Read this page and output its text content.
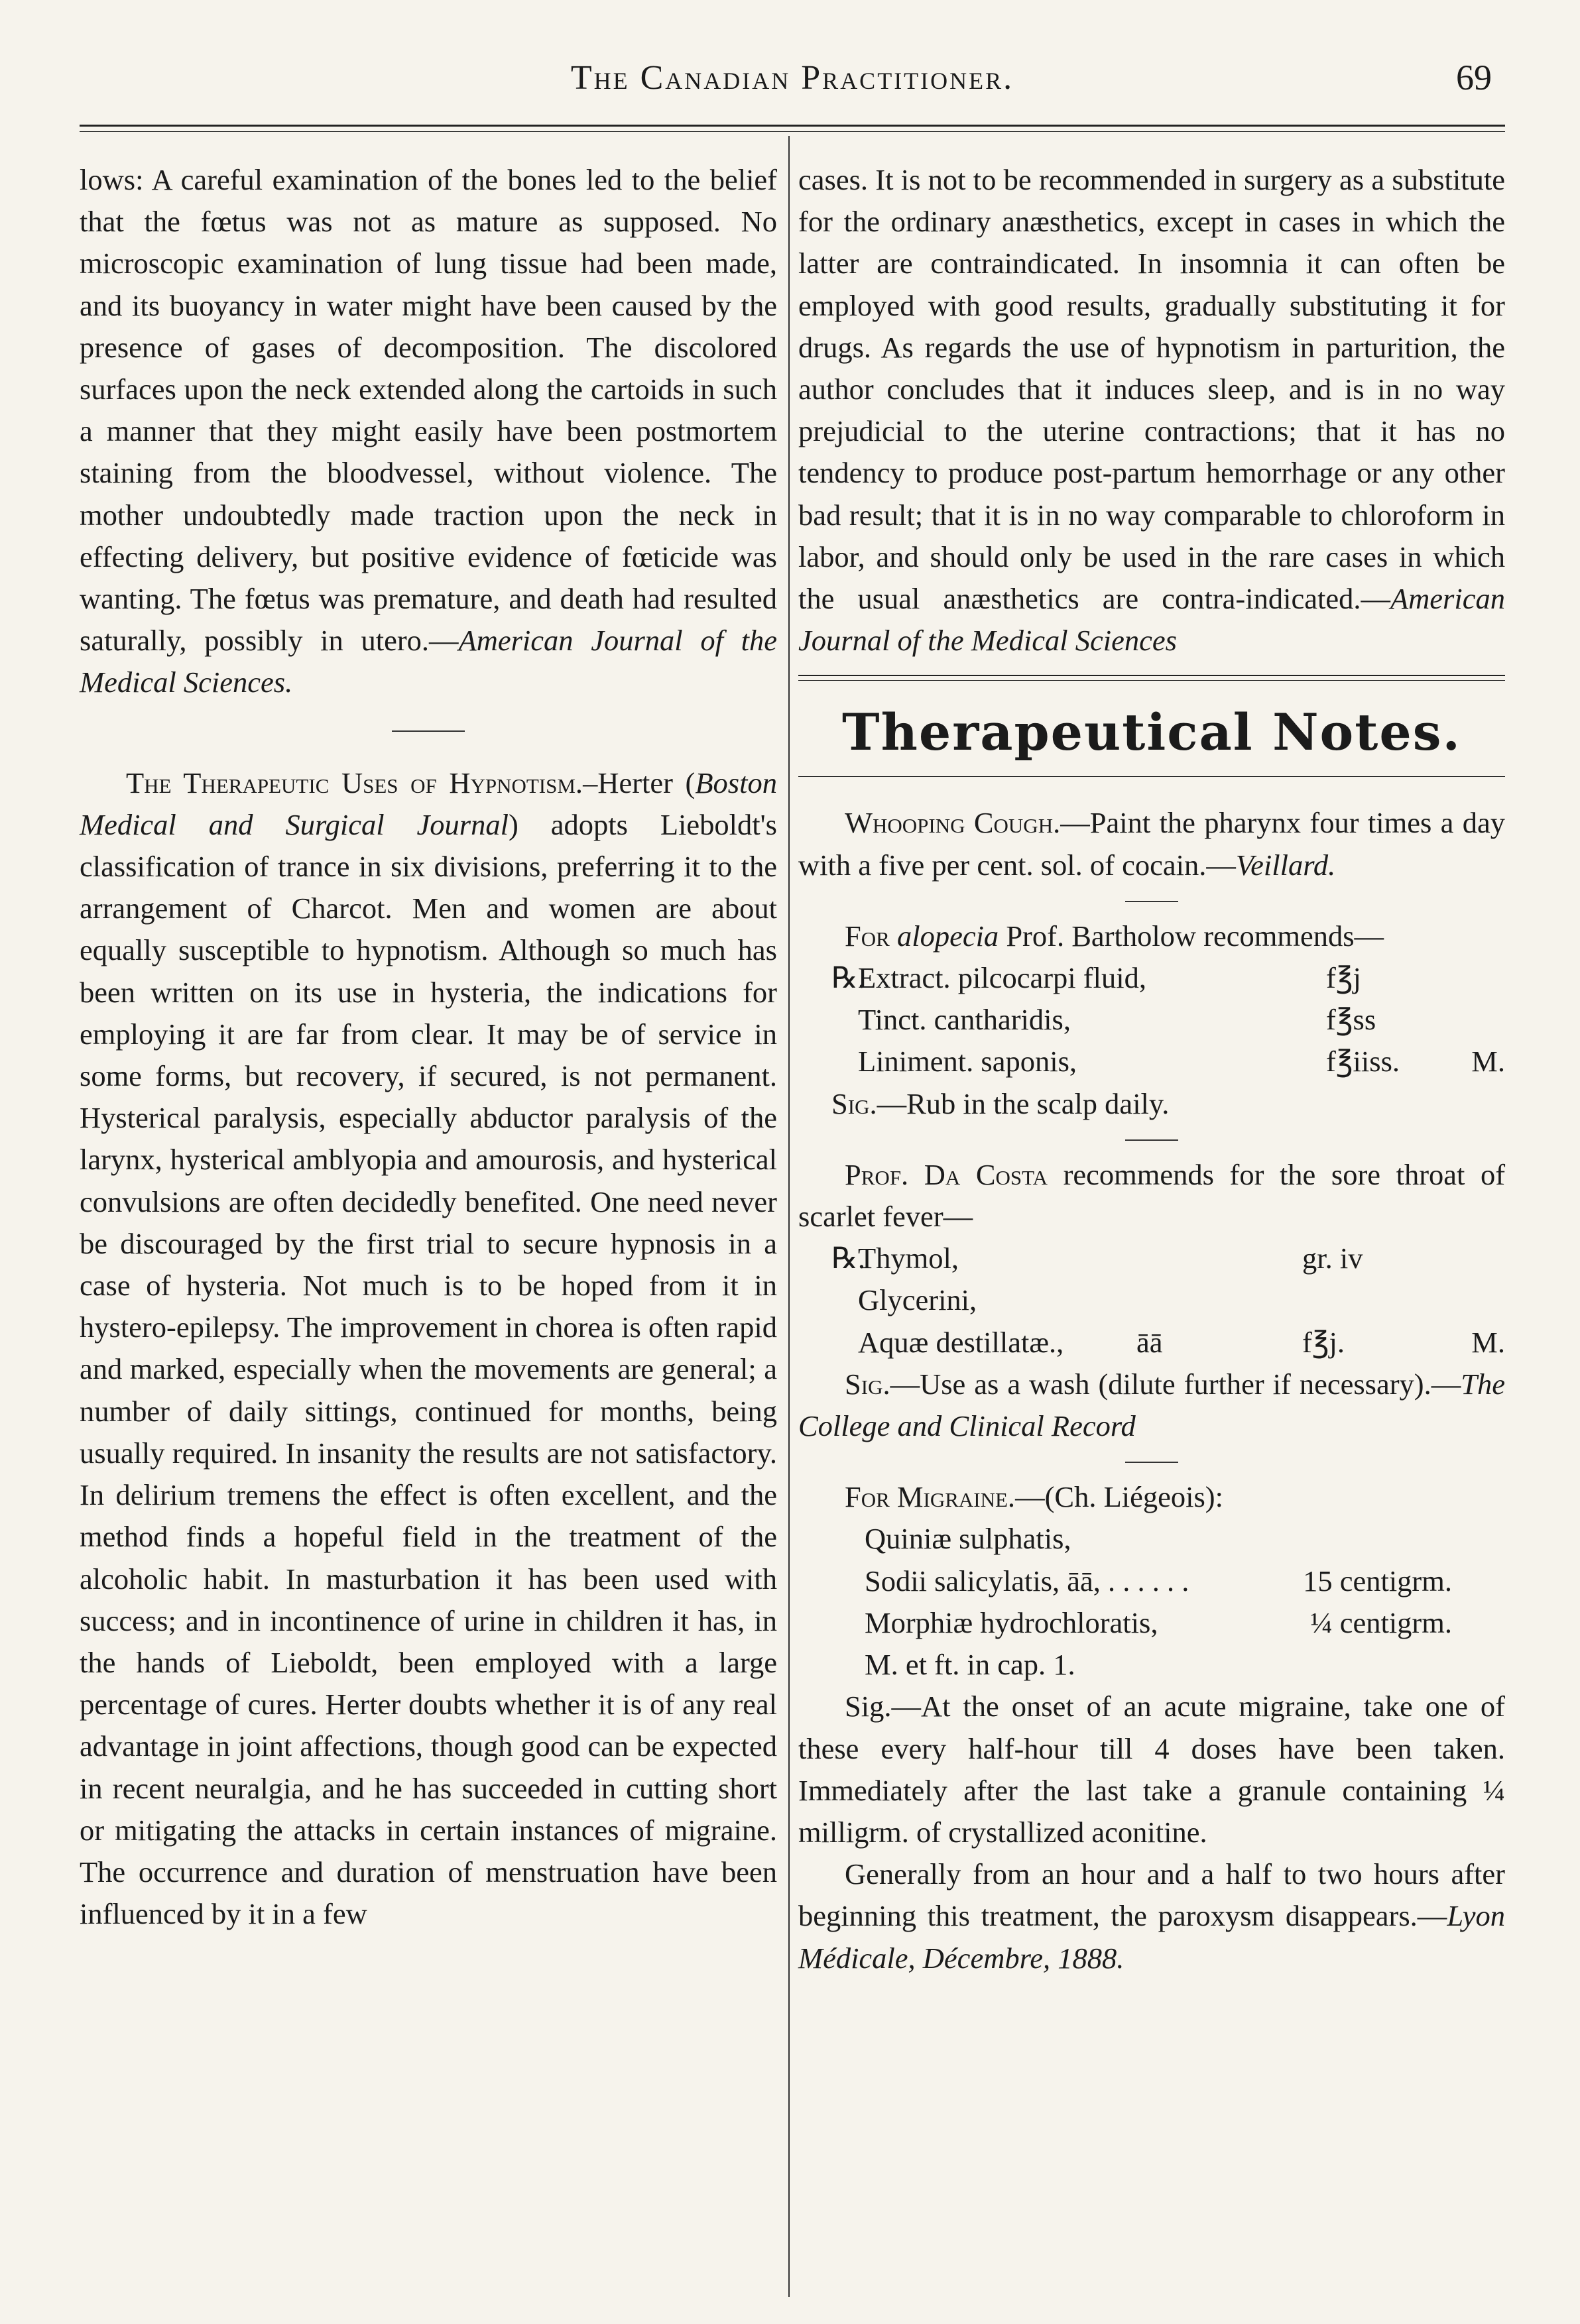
The Canadian Practitioner.	69

lows: A careful examination of the bones led to the belief that the fœtus was not as mature as supposed. No microscopic examination of lung tissue had been made, and its buoyancy in water might have been caused by the presence of gases of decomposition. The discolored surfaces upon the neck extended along the cartoids in such a manner that they might easily have been postmortem staining from the bloodvessel, without violence. The mother undoubtedly made traction upon the neck in effecting delivery, but positive evidence of fœticide was wanting. The fœtus was premature, and death had resulted saturally, possibly in utero.—American Journal of the Medical Sciences.

The Therapeutic Uses of Hypnotism.–Herter (Boston Medical and Surgical Journal) adopts Lieboldt's classification of trance in six divisions, preferring it to the arrangement of Charcot. Men and women are about equally susceptible to hypnotism. Although so much has been written on its use in hysteria, the indications for employing it are far from clear. It may be of service in some forms, but recovery, if secured, is not permanent. Hysterical paralysis, especially abductor paralysis of the larynx, hysterical amblyopia and amourosis, and hysterical convulsions are often decidedly benefited. One need never be discouraged by the first trial to secure hypnosis in a case of hysteria. Not much is to be hoped from it in hystero-epilepsy. The improvement in chorea is often rapid and marked, especially when the movements are general; a number of daily sittings, continued for months, being usually required. In insanity the results are not satisfactory. In delirium tremens the effect is often excellent, and the method finds a hopeful field in the treatment of the alcoholic habit. In masturbation it has been used with success; and in incontinence of urine in children it has, in the hands of Lieboldt, been employed with a large percentage of cures. Herter doubts whether it is of any real advantage in joint affections, though good can be expected in recent neuralgia, and he has succeeded in cutting short or mitigating the attacks in certain instances of migraine. The occurrence and duration of menstruation have been influenced by it in a few

cases. It is not to be recommended in surgery as a substitute for the ordinary anæsthetics, except in cases in which the latter are contraindicated. In insomnia it can often be employed with good results, gradually substituting it for drugs. As regards the use of hypnotism in parturition, the author concludes that it induces sleep, and is in no way prejudicial to the uterine contractions; that it has no tendency to produce post-partum hemorrhage or any other bad result; that it is in no way comparable to chloroform in labor, and should only be used in the rare cases in which the usual anæsthetics are contra-indicated.—American Journal of the Medical Sciences

Therapeutical Notes.

Whooping Cough.—Paint the pharynx four times a day with a five per cent. sol. of cocain.—Veillard.

For alopecia Prof. Bartholow recommends—

℞.
Extract. pilcocarpi fluid,	f℥j
Tinct. cantharidis,	f℥ss
Liniment. saponis,	f℥iiss.	M.

Sig.—Rub in the scalp daily.

Prof. Da Costa recommends for the sore throat of scarlet fever—

℞.
Thymol,	gr. iv
Glycerini,
Aquæ destillatæ.,	āā	f℥j.	M.

Sig.—Use as a wash (dilute further if necessary).—The College and Clinical Record

For Migraine.—(Ch. Liégeois):

Quiniæ sulphatis,
Sodii salicylatis, āā, . . . . . .	15 centigrm.
Morphiæ hydrochloratis,	¼ centigrm.
M. et ft. in cap. 1.

Sig.—At the onset of an acute migraine, take one of these every half-hour till 4 doses have been taken. Immediately after the last take a granule containing ¼ milligrm. of crystallized aconitine.

Generally from an hour and a half to two hours after beginning this treatment, the paroxysm disappears.—Lyon Médicale, Décembre, 1888.
